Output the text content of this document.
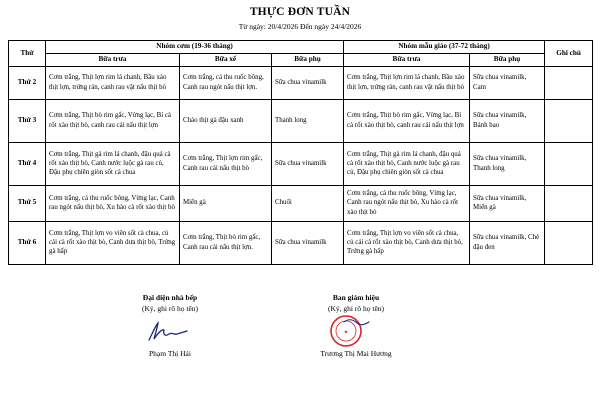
THỰC ĐƠN TUẦN
Từ ngày: 20/4/2026 Đến ngày 24/4/2026
Thứ	Nhóm cơm (19-36 tháng)			Nhóm mẫu giáo (37-72 tháng)		Ghi chú
	Bữa trưa	Bữa xế	Bữa phụ	Bữa trưa	Bữa phụ	
Thứ 2	Cơm trắng, Thịt lợn rim lá chanh, Bầu xào thịt lợn, trứng rán, canh rau vặt nấu thịt bò	Cơm trắng, cá thu ruốc bông, Canh rau ngót nấu thịt lợn.	Sữa chua vinamilk	Cơm trắng, Thịt lợn rim lá chanh, Bầu xào thịt lợn, trứng rán, canh rau vặt nấu thịt bò	Sữa chua vinamilk, Cam	
Thứ 3	Cơm trắng, Thịt bò rim gấc, Vừng lạc, Bí cà rốt xào thịt bò, canh rau cải nấu thịt lợn	Cháo thịt gà đậu xanh	Thanh long	Cơm trắng, Thịt bò rim gấc, Vừng lạc, Bí cà rốt xào thịt bò, canh rau cải nấu thịt lợn	Sữa chua vinamilk, Bánh bao	
Thứ 4	Cơm trắng, Thịt gà rim lá chanh, đậu quả cà rốt xào thịt bò, Canh nước luộc gà rau củ, Đậu phụ chiên giòn sốt cà chua	Cơm trắng, Thịt lợn rim gấc, Canh rau cải nấu thịt bò	Sữa chua vinamilk	Cơm trắng, Thịt gà rim lá chanh, đậu quả cà rốt xào thịt bò, Canh nước luộc gà rau củ, Đậu phụ chiên giòn sốt cà chua	Sữa chua vinamilk, Thanh long	
Thứ 5	Cơm trắng, cá thu ruốc bông, Vừng lạc, Canh rau ngót nấu thịt bò, Xu hào cà rốt xào thịt bò	Miến gà	Chuối	Cơm trắng, cá thu ruốc bông, Vừng lạc, Canh rau ngót nấu thịt bò, Xu hào cà rốt xào thịt bò	Sữa chua vinamilk, Miến gà	
Thứ 6	Cơm trắng, Thịt lợn vo viên sốt cà chua, củ cải cà rốt xào thịt bò, Canh dưa thịt bò, Trứng gà hấp	Cơm trắng, Thịt bò rim gấc, Canh rau cải nấu thịt lợn.	Sữa chua vinamilk	Cơm trắng, Thịt lợn vo viên sốt cà chua, củ cải cà rốt xào thịt bò, Canh dưa thịt bò, Trứng gà hấp	Sữa chua vinamilk, Chè đậu đen	
Đại diện nhà bếp
(Ký, ghi rõ họ tên)
Phạm Thị Hải
Ban giám hiệu
(Ký, ghi rõ họ tên)
★
Trương Thị Mai Hương
